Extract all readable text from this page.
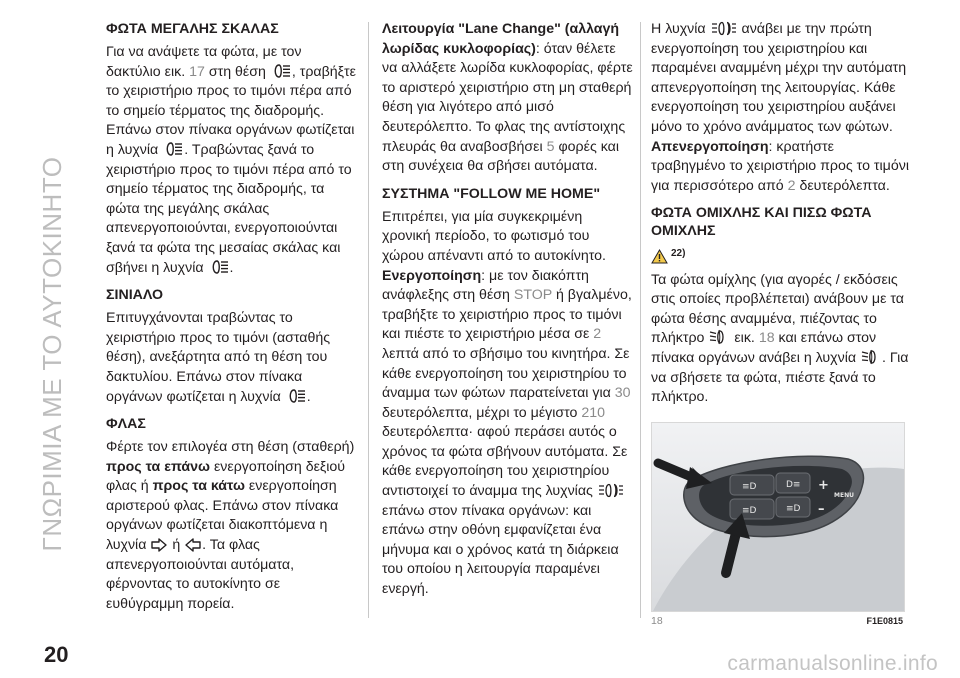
ΓΝΩΡΙΜΙΑ ΜΕ ΤΟ ΑΥΤΟΚΙΝΗΤΟ
ΦΩΤΑ ΜΕΓΑΛΗΣ ΣΚΑΛΑΣ

Για να ανάψετε τα φώτα, με τον δακτύλιο εικ. 17 στη θέση , τραβήξτε το χειριστήριο προς το τιμόνι πέρα από το σημείο τέρματος της διαδρομής. Επάνω στον πίνακα οργάνων φωτίζεται η λυχνία . Τραβώντας ξανά το χειριστήριο προς το τιμόνι πέρα από το σημείο τέρματος της διαδρομής, τα φώτα της μεγάλης σκάλας απενεργοποιούνται, ενεργοποιούνται ξανά τα φώτα της μεσαίας σκάλας και σβήνει η λυχνία .

ΣΙΝΙΑΛΟ

Επιτυγχάνονται τραβώντας το χειριστήριο προς το τιμόνι (ασταθής θέση), ανεξάρτητα από τη θέση του δακτυλίου. Επάνω στον πίνακα οργάνων φωτίζεται η λυχνία .

ΦΛΑΣ

Φέρτε τον επιλογέα στη θέση (σταθερή) προς τα επάνω ενεργοποίηση δεξιού φλας ή προς τα κάτω ενεργοποίηση αριστερού φλας. Επάνω στον πίνακα οργάνων φωτίζεται διακοπτόμενα η λυχνία ή . Τα φλας απενεργοποιούνται αυτόματα, φέρνοντας το αυτοκίνητο σε ευθύγραμμη πορεία.

Λειτουργία "Lane Change" (αλλαγή λωρίδας κυκλοφορίας): όταν θέλετε να αλλάξετε λωρίδα κυκλοφορίας, φέρτε το αριστερό χειριστήριο στη μη σταθερή θέση για λιγότερο από μισό δευτερόλεπτο. Το φλας της αντίστοιχης πλευράς θα αναβοσβήσει 5 φορές και στη συνέχεια θα σβήσει αυτόματα.

ΣΥΣΤΗΜΑ "FOLLOW ME HOME"

Επιτρέπει, για μία συγκεκριμένη χρονική περίοδο, το φωτισμό του χώρου απέναντι από το αυτοκίνητο.

Ενεργοποίηση: με τον διακόπτη ανάφλεξης στη θέση STOP ή βγαλμένο, τραβήξτε το χειριστήριο προς το τιμόνι και πιέστε το χειριστήριο μέσα σε 2 λεπτά από το σβήσιμο του κινητήρα. Σε κάθε ενεργοποίηση του χειριστηρίου το άναμμα των φώτων παρατείνεται για 30 δευτερόλεπτα, μέχρι το μέγιστο 210 δευτερόλεπτα· αφού περάσει αυτός ο χρόνος τα φώτα σβήνουν αυτόματα. Σε κάθε ενεργοποίηση του χειριστηρίου αντιστοιχεί το άναμμα της λυχνίας  επάνω στον πίνακα οργάνων: και επάνω στην οθόνη εμφανίζεται ένα μήνυμα και ο χρόνος κατά τη διάρκεια του οποίου η λειτουργία παραμένει ενεργή.

Η λυχνία	ανάβει με την πρώτη ενεργοποίηση του χειριστηρίου και παραμένει αναμμένη μέχρι την αυτόματη απενεργοποίηση της λειτουργίας. Κάθε ενεργοποίηση του χειριστηρίου αυξάνει μόνο το χρόνο ανάμματος των φώτων.

Απενεργοποίηση: κρατήστε τραβηγμένο το χειριστήριο προς το τιμόνι για περισσότερο από 2 δευτερόλεπτα.

ΦΩΤΑ ΟΜΙΧΛΗΣ ΚΑΙ ΠΙΣΩ ΦΩΤΑ ΟΜΙΧΛΗΣ
22)

Τα φώτα ομίχλης (για αγορές / εκδόσεις στις οποίες προβλέπεται) ανάβουν με τα φώτα θέσης αναμμένα, πιέζοντας το πλήκτρο εικ. 18 και επάνω στον πίνακα οργάνων ανάβει η λυχνία . Για να σβήσετε τα φώτα, πιέστε ξανά το πλήκτρο.

≡D	D≡
≡D	≡D
+
–
MENU
18	F1E0815
20	carmanualsonline.info
